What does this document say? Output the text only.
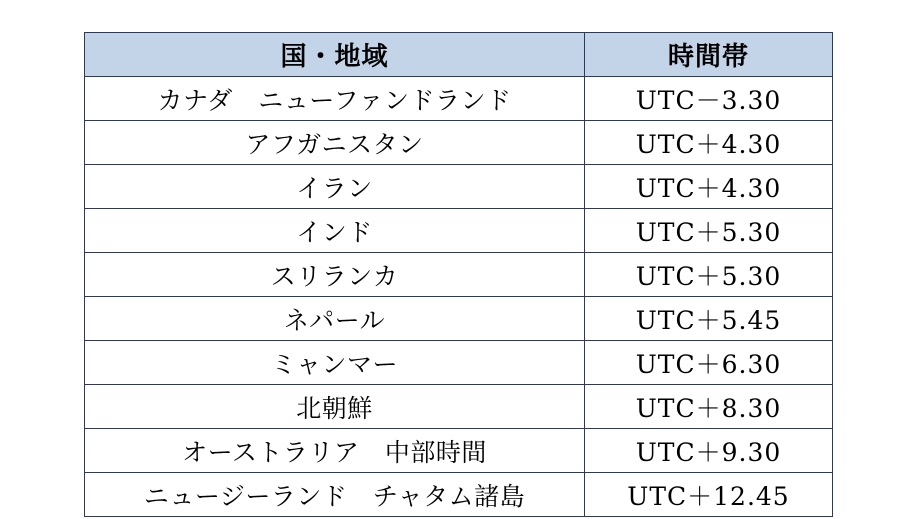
国・地域	時間帯
カナダ　ニューファンドランド	UTC－3.30
アフガニスタン	UTC＋4.30
イラン	UTC＋4.30
インド	UTC＋5.30
スリランカ	UTC＋5.30
ネパール	UTC＋5.45
ミャンマー	UTC＋6.30
北朝鮮	UTC＋8.30
オーストラリア　中部時間	UTC＋9.30
ニュージーランド　チャタム諸島	UTC＋12.45
